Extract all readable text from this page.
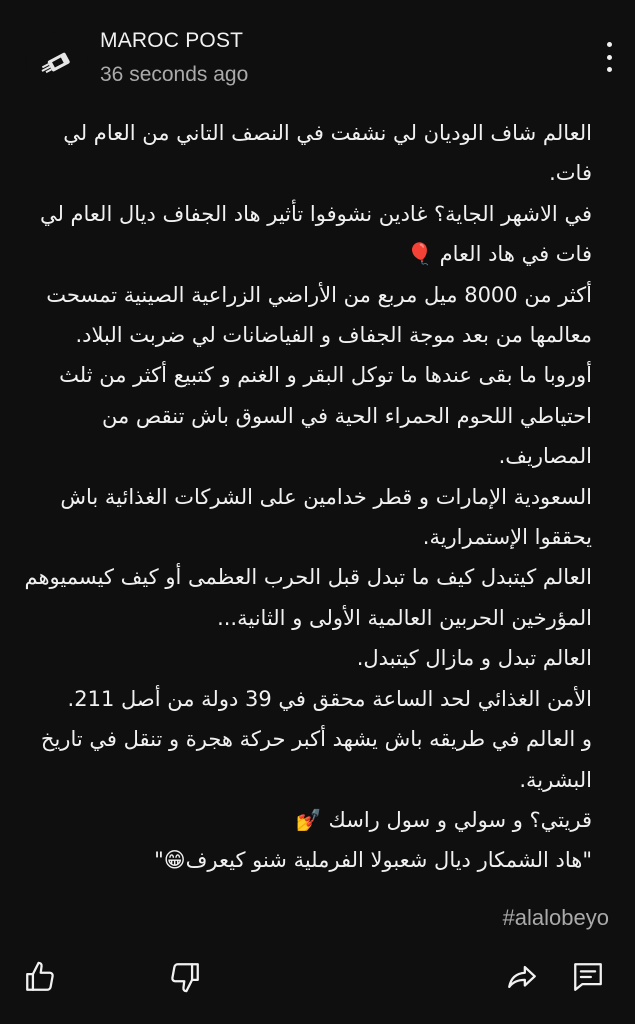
MAROC POST
36 seconds ago
العالم شاف الوديان لي نشفت في النصف التاني من العام لي فات.
في الاشهر الجاية؟ غادين نشوفوا تأثير هاد الجفاف ديال العام لي فات في هاد العام 🎈
أكثر من 8000 ميل مربع من الأراضي الزراعية الصينية تمسحت معالمها من بعد موجة الجفاف و الفياضانات لي ضربت البلاد.
أوروبا ما بقى عندها ما توكل البقر و الغنم و كتبيع أكثر من ثلث احتياطي اللحوم الحمراء الحية في السوق باش تنقص من المصاريف.
السعودية الإمارات و قطر خدامين على الشركات الغذائية باش يحققوا الإستمرارية.
العالم كيتبدل كيف ما تبدل قبل الحرب العظمى أو كيف كيسميوهم المؤرخين الحربين العالمية الأولى و الثانية...
العالم تبدل و مازال كيتبدل.
الأمن الغذائي لحد الساعة محقق في 39 دولة من أصل 211.
و العالم في طريقه باش يشهد أكبر حركة هجرة و تنقل في تاريخ البشرية.
قريتي؟ و سولي و سول راسك 💅
"هاد الشمكار ديال شعبولا الفرملية شنو كيعرف😁"
#alalobeyo
